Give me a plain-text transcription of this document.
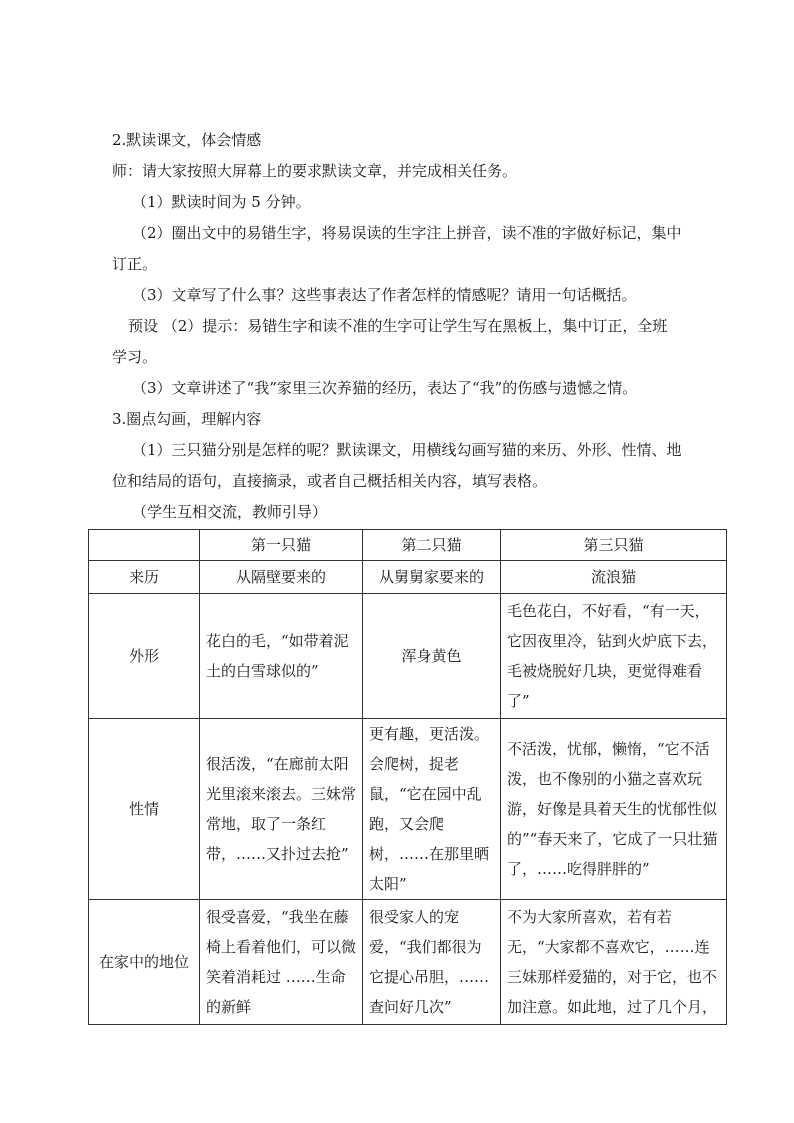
2.默读课文，体会情感

师：请大家按照大屏幕上的要求默读文章，并完成相关任务。

（1）默读时间为 5 分钟。

（2）圈出文中的易错生字，将易误读的生字注上拼音，读不准的字做好标记，集中

订正。

（3）文章写了什么事？这些事表达了作者怎样的情感呢？请用一句话概括。

预设 （2）提示：易错生字和读不准的生字可让学生写在黑板上，集中订正，全班

学习。

（3）文章讲述了“我”家里三次养猫的经历，表达了“我”的伤感与遗憾之情。

3.圈点勾画，理解内容

（1）三只猫分别是怎样的呢？默读课文，用横线勾画写猫的来历、外形、性情、地

位和结局的语句，直接摘录，或者自己概括相关内容，填写表格。

（学生互相交流，教师引导）

	第一只猫	第二只猫	第三只猫
来历	从隔壁要来的	从舅舅家要来的	流浪猫
外形	花白的毛，“如带着泥土的白雪球似的”	浑身黄色	毛色花白，不好看，“有一天，它因夜里冷，钻到火炉底下去，毛被烧脱好几块，更觉得难看了”
性情	很活泼，“在廊前太阳光里滚来滚去。三妹常常地，取了一条红带，……又扑过去抢”	更有趣，更活泼。会爬树，捉老鼠，“它在园中乱跑，又会爬树，……在那里晒太阳”	不活泼，忧郁，懒惰，“它不活泼，也不像别的小猫之喜欢玩游，好像是具着天生的忧郁性似的”“春天来了，它成了一只壮猫了，……吃得胖胖的”
在家中的地位	很受喜爱，“我坐在藤椅上看着他们，可以微笑着消耗过 ……生命的新鲜	很受家人的宠爱，“我们都很为它提心吊胆，……查问好几次”	不为大家所喜欢，若有若无，“大家都不喜欢它，……连三妹那样爱猫的，对于它，也不加注意。如此地，过了几个月，
